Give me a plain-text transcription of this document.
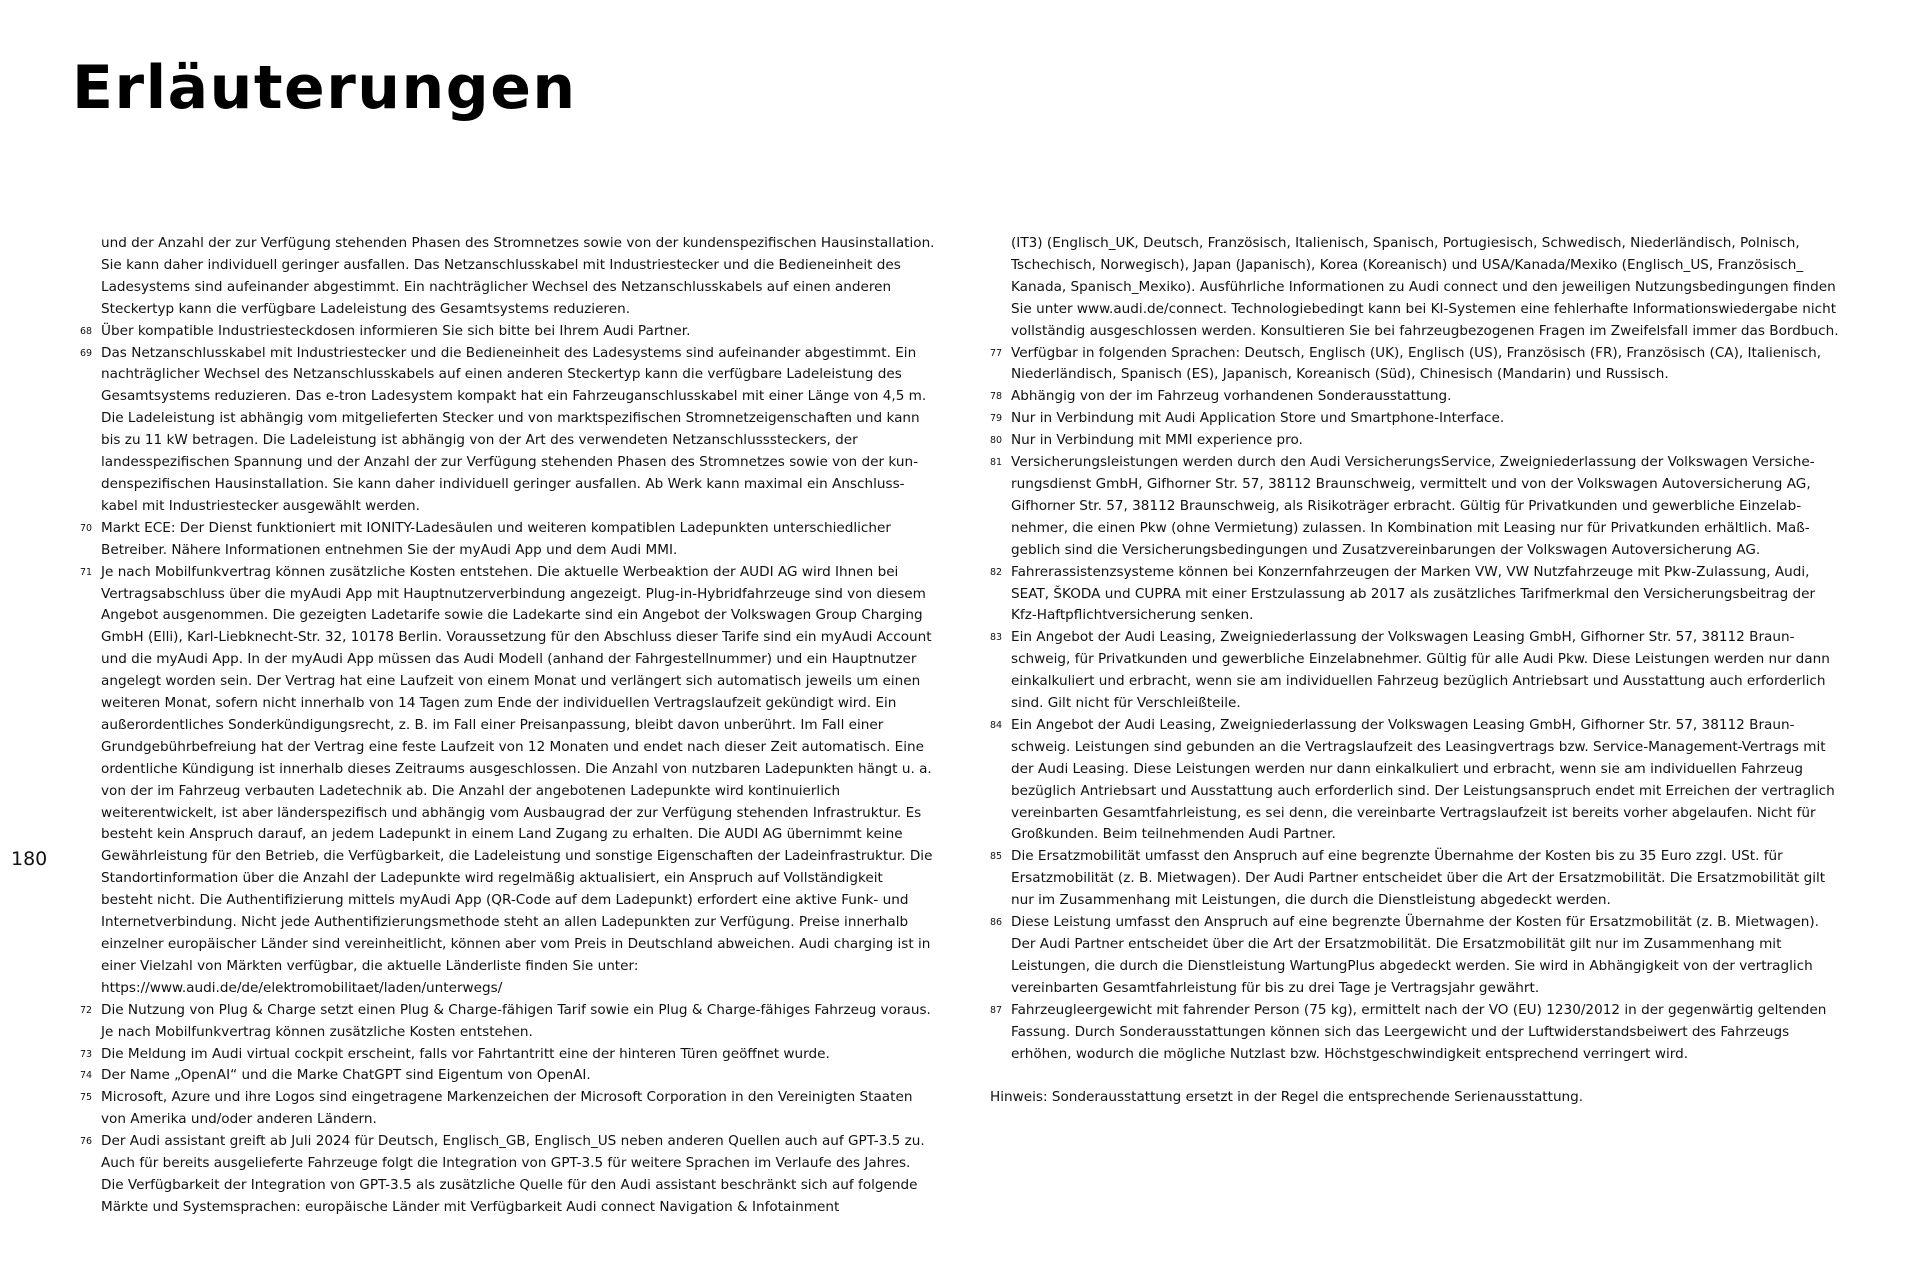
Erläuterungen
180

und der Anzahl der zur Verfügung stehenden Phasen des Stromnetzes sowie von der kundenspezifischen Hausinstallation. Sie kann daher individuell geringer ausfallen. Das Netzanschlusskabel mit Industriestecker und die Bedieneinheit des Ladesystems sind aufeinander abgestimmt. Ein nachträglicher Wechsel des Netzanschlusskabels auf einen anderen Steckertyp kann die verfügbare Ladeleistung des Gesamtsystems reduzieren.

68 Über kompatible Industriesteckdosen informieren Sie sich bitte bei Ihrem Audi Partner.

69 Das Netzanschlusskabel mit Industriestecker und die Bedieneinheit des Ladesystems sind aufeinander abgestimmt. Ein nachträglicher Wechsel des Netzanschlusskabels auf einen anderen Steckertyp kann die verfügbare Ladeleistung des Gesamtsystems reduzieren. Das e-tron Ladesystem kompakt hat ein Fahrzeuganschlusskabel mit einer Länge von 4,5 m. Die Ladeleistung ist abhängig vom mitgelieferten Stecker und von marktspezifischen Stromnetzeigenschaften und kann bis zu 11 kW betragen. Die Ladeleistung ist abhängig von der Art des verwendeten Netzanschlusssteckers, der landesspezifischen Spannung und der Anzahl der zur Verfügung stehenden Phasen des Stromnetzes sowie von der kundenspezifischen Hausinstallation. Sie kann daher individuell geringer ausfallen. Ab Werk kann maximal ein Anschlusskabel mit Industriestecker ausgewählt werden.

70 Markt ECE: Der Dienst funktioniert mit IONITY-Ladesäulen und weiteren kompatiblen Ladepunkten unterschiedlicher Betreiber. Nähere Informationen entnehmen Sie der myAudi App und dem Audi MMI.

71 Je nach Mobilfunkvertrag können zusätzliche Kosten entstehen. Die aktuelle Werbeaktion der AUDI AG wird Ihnen bei Vertragsabschluss über die myAudi App mit Hauptnutzerverbindung angezeigt. Plug-in-Hybridfahrzeuge sind von diesem Angebot ausgenommen. Die gezeigten Ladetarife sowie die Ladekarte sind ein Angebot der Volkswagen Group Charging GmbH (Elli), Karl-Liebknecht-Str. 32, 10178 Berlin. Voraussetzung für den Abschluss dieser Tarife sind ein myAudi Account und die myAudi App. In der myAudi App müssen das Audi Modell (anhand der Fahrgestellnummer) und ein Hauptnutzer angelegt worden sein. Der Vertrag hat eine Laufzeit von einem Monat und verlängert sich automatisch jeweils um einen weiteren Monat, sofern nicht innerhalb von 14 Tagen zum Ende der individuellen Vertragslaufzeit gekündigt wird. Ein außerordentliches Sonderkündigungsrecht, z. B. im Fall einer Preisanpassung, bleibt davon unberührt. Im Fall einer Grundgebührbefreiung hat der Vertrag eine feste Laufzeit von 12 Monaten und endet nach dieser Zeit automatisch. Eine ordentliche Kündigung ist innerhalb dieses Zeitraums ausgeschlossen. Die Anzahl von nutzbaren Ladepunkten hängt u. a. von der im Fahrzeug verbauten Ladetechnik ab. Die Anzahl der angebotenen Ladepunkte wird kontinuierlich weiterentwickelt, ist aber länderspezifisch und abhängig vom Ausbaugrad der zur Verfügung stehenden Infrastruktur. Es besteht kein Anspruch darauf, an jedem Ladepunkt in einem Land Zugang zu erhalten. Die AUDI AG übernimmt keine Gewährleistung für den Betrieb, die Verfügbarkeit, die Ladeleistung und sonstige Eigenschaften der Ladeinfrastruktur. Die Standortinformation über die Anzahl der Ladepunkte wird regelmäßig aktualisiert, ein Anspruch auf Vollständigkeit besteht nicht. Die Authentifizierung mittels myAudi App (QR-Code auf dem Ladepunkt) erfordert eine aktive Funk- und Internetverbindung. Nicht jede Authentifizierungsmethode steht an allen Ladepunkten zur Verfügung. Preise innerhalb einzelner europäischer Länder sind vereinheitlicht, können aber vom Preis in Deutschland abweichen. Audi charging ist in einer Vielzahl von Märkten verfügbar, die aktuelle Länderliste finden Sie unter: https://www.audi.de/de/elektromobilitaet/laden/unterwegs/

72 Die Nutzung von Plug & Charge setzt einen Plug & Charge-fähigen Tarif sowie ein Plug & Charge-fähiges Fahrzeug voraus. Je nach Mobilfunkvertrag können zusätzliche Kosten entstehen.

73 Die Meldung im Audi virtual cockpit erscheint, falls vor Fahrtantritt eine der hinteren Türen geöffnet wurde.

74 Der Name „OpenAI“ und die Marke ChatGPT sind Eigentum von OpenAI.

75 Microsoft, Azure und ihre Logos sind eingetragene Markenzeichen der Microsoft Corporation in den Vereinigten Staaten von Amerika und/oder anderen Ländern.

76 Der Audi assistant greift ab Juli 2024 für Deutsch, Englisch_GB, Englisch_US neben anderen Quellen auch auf GPT-3.5 zu. Auch für bereits ausgelieferte Fahrzeuge folgt die Integration von GPT-3.5 für weitere Sprachen im Verlaufe des Jahres. Die Verfügbarkeit der Integration von GPT-3.5 als zusätzliche Quelle für den Audi assistant beschränkt sich auf folgende Märkte und Systemsprachen: europäische Länder mit Verfügbarkeit Audi connect Navigation & Infotainment

(IT3) (Englisch_UK, Deutsch, Französisch, Italienisch, Spanisch, Portugiesisch, Schwedisch, Niederländisch, Polnisch, Tschechisch, Norwegisch), Japan (Japanisch), Korea (Koreanisch) und USA/Kanada/Mexiko (Englisch_US, Französisch_ Kanada, Spanisch_Mexiko). Ausführliche Informationen zu Audi connect und den jeweiligen Nutzungsbedingungen finden Sie unter www.audi.de/connect. Technologiebedingt kann bei KI-Systemen eine fehlerhafte Informationswiedergabe nicht vollständig ausgeschlossen werden. Konsultieren Sie bei fahrzeugbezogenen Fragen im Zweifelsfall immer das Bordbuch.

77 Verfügbar in folgenden Sprachen: Deutsch, Englisch (UK), Englisch (US), Französisch (FR), Französisch (CA), Italienisch, Niederländisch, Spanisch (ES), Japanisch, Koreanisch (Süd), Chinesisch (Mandarin) und Russisch.

78 Abhängig von der im Fahrzeug vorhandenen Sonderausstattung.

79 Nur in Verbindung mit Audi Application Store und Smartphone-Interface.

80 Nur in Verbindung mit MMI experience pro.

81 Versicherungsleistungen werden durch den Audi VersicherungsService, Zweigniederlassung der Volkswagen Versicherungsdienst GmbH, Gifhorner Str. 57, 38112 Braunschweig, vermittelt und von der Volkswagen Autoversicherung AG, Gifhorner Str. 57, 38112 Braunschweig, als Risikoträger erbracht. Gültig für Privatkunden und gewerbliche Einzelabnehmer, die einen Pkw (ohne Vermietung) zulassen. In Kombination mit Leasing nur für Privatkunden erhältlich. Maßgeblich sind die Versicherungsbedingungen und Zusatzvereinbarungen der Volkswagen Autoversicherung AG.

82 Fahrerassistenzsysteme können bei Konzernfahrzeugen der Marken VW, VW Nutzfahrzeuge mit Pkw-Zulassung, Audi, SEAT, ŠKODA und CUPRA mit einer Erstzulassung ab 2017 als zusätzliches Tarifmerkmal den Versicherungsbeitrag der Kfz-Haftpflichtversicherung senken.

83 Ein Angebot der Audi Leasing, Zweigniederlassung der Volkswagen Leasing GmbH, Gifhorner Str. 57, 38112 Braunschweig, für Privatkunden und gewerbliche Einzelabnehmer. Gültig für alle Audi Pkw. Diese Leistungen werden nur dann einkalkuliert und erbracht, wenn sie am individuellen Fahrzeug bezüglich Antriebsart und Ausstattung auch erforderlich sind. Gilt nicht für Verschleißteile.

84 Ein Angebot der Audi Leasing, Zweigniederlassung der Volkswagen Leasing GmbH, Gifhorner Str. 57, 38112 Braunschweig. Leistungen sind gebunden an die Vertragslaufzeit des Leasingvertrags bzw. Service-Management-Vertrags mit der Audi Leasing. Diese Leistungen werden nur dann einkalkuliert und erbracht, wenn sie am individuellen Fahrzeug bezüglich Antriebsart und Ausstattung auch erforderlich sind. Der Leistungsanspruch endet mit Erreichen der vertraglich vereinbarten Gesamtfahrleistung, es sei denn, die vereinbarte Vertragslaufzeit ist bereits vorher abgelaufen. Nicht für Großkunden. Beim teilnehmenden Audi Partner.

85 Die Ersatzmobilität umfasst den Anspruch auf eine begrenzte Übernahme der Kosten bis zu 35 Euro zzgl. USt. für Ersatzmobilität (z. B. Mietwagen). Der Audi Partner entscheidet über die Art der Ersatzmobilität. Die Ersatzmobilität gilt nur im Zusammenhang mit Leistungen, die durch die Dienstleistung abgedeckt werden.

86 Diese Leistung umfasst den Anspruch auf eine begrenzte Übernahme der Kosten für Ersatzmobilität (z. B. Mietwagen). Der Audi Partner entscheidet über die Art der Ersatzmobilität. Die Ersatzmobilität gilt nur im Zusammenhang mit Leistungen, die durch die Dienstleistung WartungPlus abgedeckt werden. Sie wird in Abhängigkeit von der vertraglich vereinbarten Gesamtfahrleistung für bis zu drei Tage je Vertragsjahr gewährt.

87 Fahrzeugleergewicht mit fahrender Person (75 kg), ermittelt nach der VO (EU) 1230/2012 in der gegenwärtig geltenden Fassung. Durch Sonderausstattungen können sich das Leergewicht und der Luftwiderstandsbeiwert des Fahrzeugs erhöhen, wodurch die mögliche Nutzlast bzw. Höchstgeschwindigkeit entsprechend verringert wird.

Hinweis: Sonderausstattung ersetzt in der Regel die entsprechende Serienausstattung.
